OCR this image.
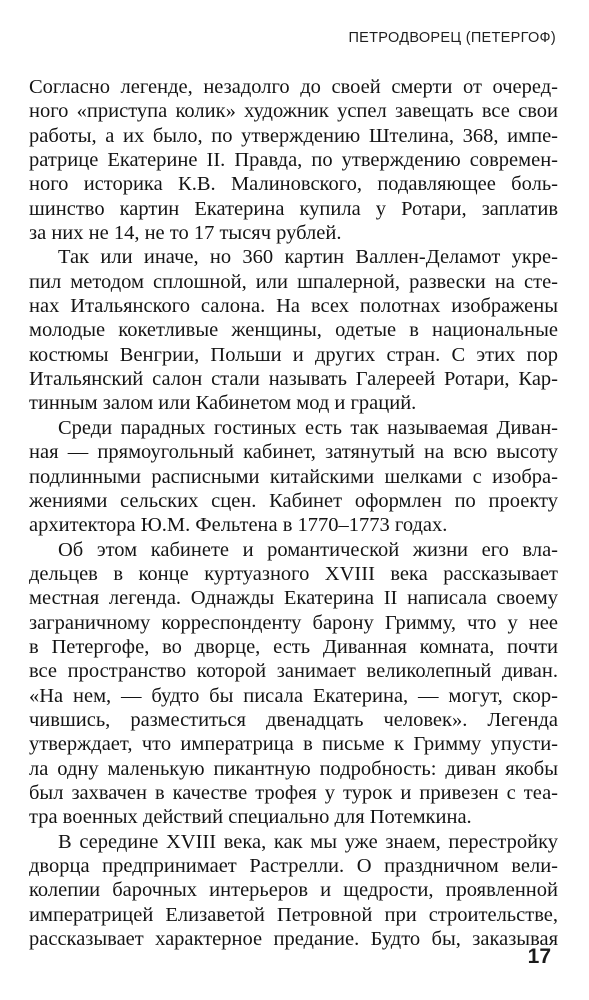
ПЕТРОДВОРЕЦ (ПЕТЕРГОФ)
Согласно легенде, незадолго до своей смерти от очеред-
ного «приступа колик» художник успел завещать все свои
работы, а их было, по утверждению Штелина, 368, импе-
ратрице Екатерине II. Правда, по утверждению современ-
ного историка К.В. Малиновского, подавляющее боль-
шинство картин Екатерина купила у Ротари, заплатив
за них не 14, не то 17 тысяч рублей.
Так или иначе, но 360 картин Валлен-Деламот укре-
пил методом сплошной, или шпалерной, развески на сте-
нах Итальянского салона. На всех полотнах изображены
молодые кокетливые женщины, одетые в национальные
костюмы Венгрии, Польши и других стран. С этих пор
Итальянский салон стали называть Галереей Ротари, Кар-
тинным залом или Кабинетом мод и граций.
Среди парадных гостиных есть так называемая Дивaн-
ная — прямоугольный кабинет, затянутый на всю высоту
подлинными расписными китайскими шелками с изобра-
жениями сельских сцен. Кабинет оформлен по проекту
архитектора Ю.М. Фельтена в 1770–1773 годах.
Об этом кабинете и романтической жизни его вла-
дельцев в конце куртуазного XVIII века рассказывает
местная легенда. Однажды Екатерина II написала своему
заграничному корреспонденту барону Гримму, что у нее
в Петергофе, во дворце, есть Диванная комната, почти
все пространство которой занимает великолепный диван.
«На нем, — будто бы писала Екатерина, — могут, скор-
чившись, разместиться двенадцать человек». Легенда
утверждает, что императрица в письме к Гримму упусти-
ла одну маленькую пикантную подробность: диван якобы
был захвачен в качестве трофея у турок и привезен с теа-
тра военных действий специально для Потемкина.
В середине XVIII века, как мы уже знаем, перестройку
дворца предпринимает Растрелли. О праздничном вели-
колепии барочных интерьеров и щедрости, проявленной
императрицей Елизаветой Петровной при строительстве,
рассказывает характерное предание. Будто бы, заказывая
17
